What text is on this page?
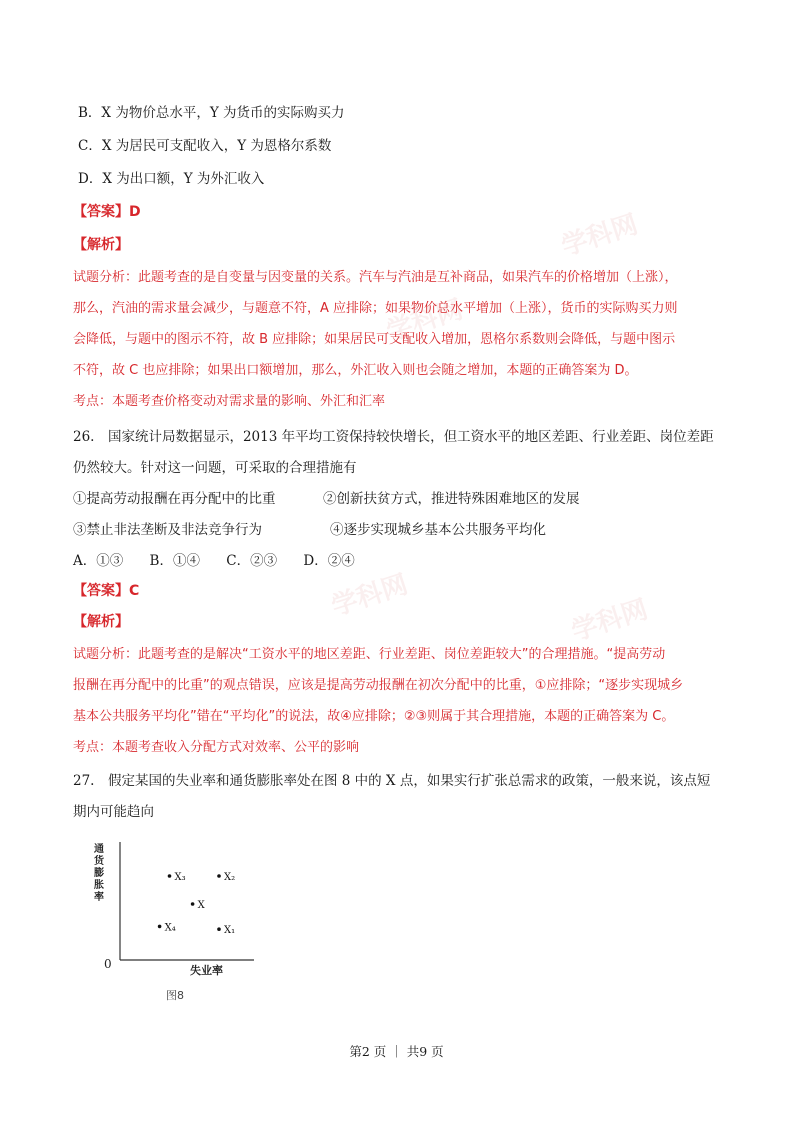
学科网
学科网
学科网
学科网
B．X 为物价总水平，Y 为货币的实际购买力
C．X 为居民可支配收入，Y 为恩格尔系数
D．X 为出口额，Y 为外汇收入
【答案】D
【解析】
试题分析：此题考查的是自变量与因变量的关系。汽车与汽油是互补商品，如果汽车的价格增加（上涨），
那么，汽油的需求量会减少，与题意不符，A 应排除；如果物价总水平增加（上涨），货币的实际购买力则
会降低，与题中的图示不符，故 B 应排除；如果居民可支配收入增加，恩格尔系数则会降低，与题中图示
不符，故 C 也应排除；如果出口额增加，那么，外汇收入则也会随之增加，本题的正确答案为 D。
考点：本题考查价格变动对需求量的影响、外汇和汇率
26.　国家统计局数据显示，2013 年平均工资保持较快增长，但工资水平的地区差距、行业差距、岗位差距
仍然较大。针对这一问题，可采取的合理措施有
①提高劳动报酬在再分配中的比重	②创新扶贫方式，推进特殊困难地区的发展
③禁止非法垄断及非法竞争行为	④逐步实现城乡基本公共服务平均化
A．①③ B．①④ C．②③ D．②④
【答案】C
【解析】
试题分析：此题考查的是解决“工资水平的地区差距、行业差距、岗位差距较大”的合理措施。“提高劳动
报酬在再分配中的比重”的观点错误，应该是提高劳动报酬在初次分配中的比重，①应排除；“逐步实现城乡
基本公共服务平均化”错在“平均化”的说法，故④应排除；②③则属于其合理措施，本题的正确答案为 C。
考点：本题考查收入分配方式对效率、公平的影响
27.　假定某国的失业率和通货膨胀率处在图 8 中的 X 点，如果实行扩张总需求的政策，一般来说，该点短
期内可能趋向
0
通货膨胀率
失业率
图8
X₃	X₂
X
X₄	X₁
第2 页 ｜ 共9 页
